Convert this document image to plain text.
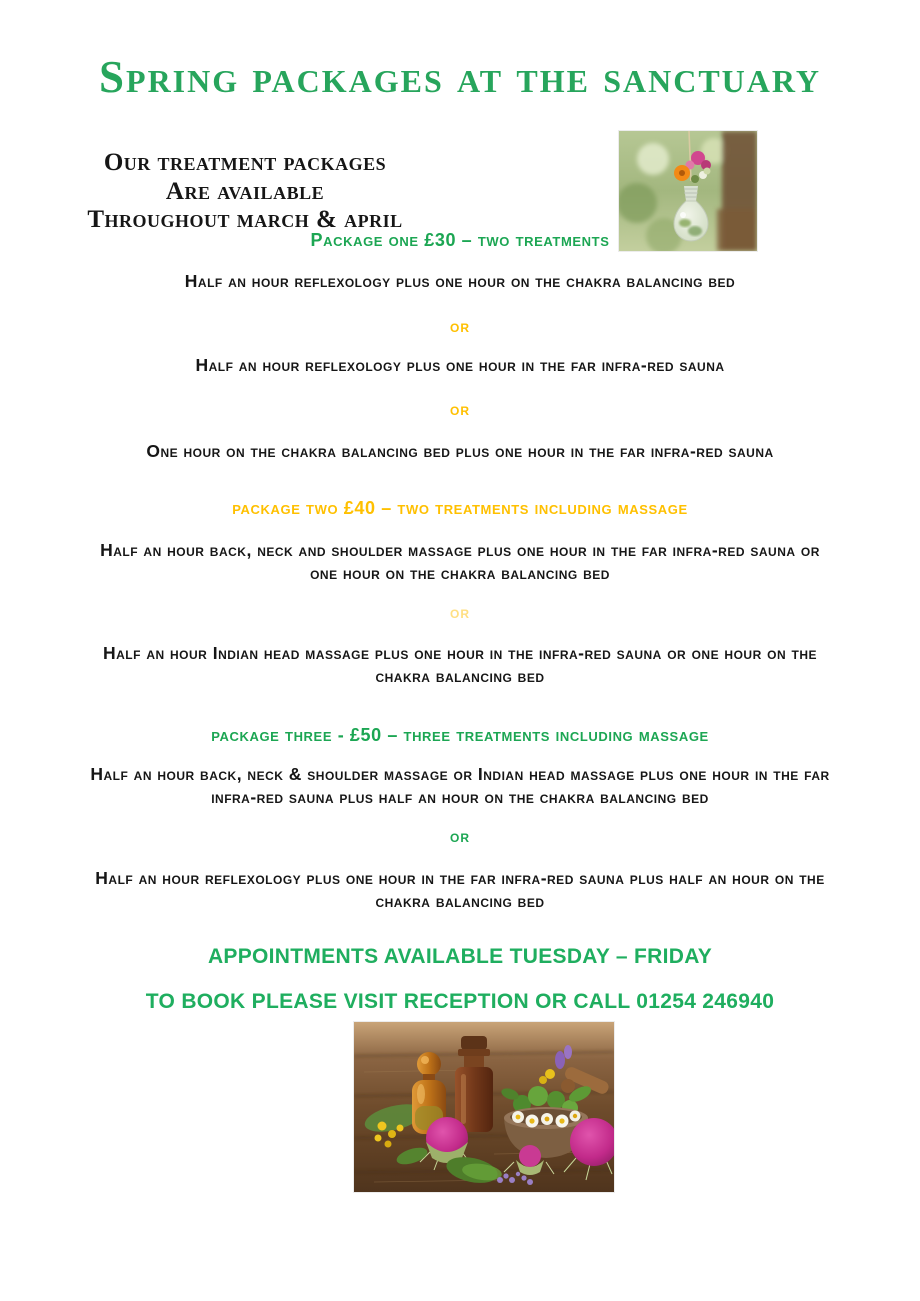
Spring packages at the sanctuary
Our treatment packages
Are available
Throughout march & april
Package one £30 – two treatments

Half an hour reflexology plus one hour on the chakra balancing bed

or

Half an hour reflexology plus one hour in the far infra-red sauna

or

One hour on the chakra balancing bed plus one hour in the far infra-red sauna

package two £40 – two treatments including massage

Half an hour back, neck and shoulder massage plus one hour in the far infra-red sauna or one hour on the chakra balancing bed

or

Half an hour Indian head massage plus one hour in the infra-red sauna or one hour on the chakra balancing bed

package three - £50 – three treatments including massage

Half an hour back, neck & shoulder massage or Indian head massage plus one hour in the far infra-red sauna plus half an hour on the chakra balancing bed

or

Half an hour reflexology plus one hour in the far infra-red sauna plus half an hour on the chakra balancing bed

APPOINTMENTS AVAILABLE TUESDAY – FRIDAY
TO BOOK PLEASE VISIT RECEPTION OR CALL 01254 246940
